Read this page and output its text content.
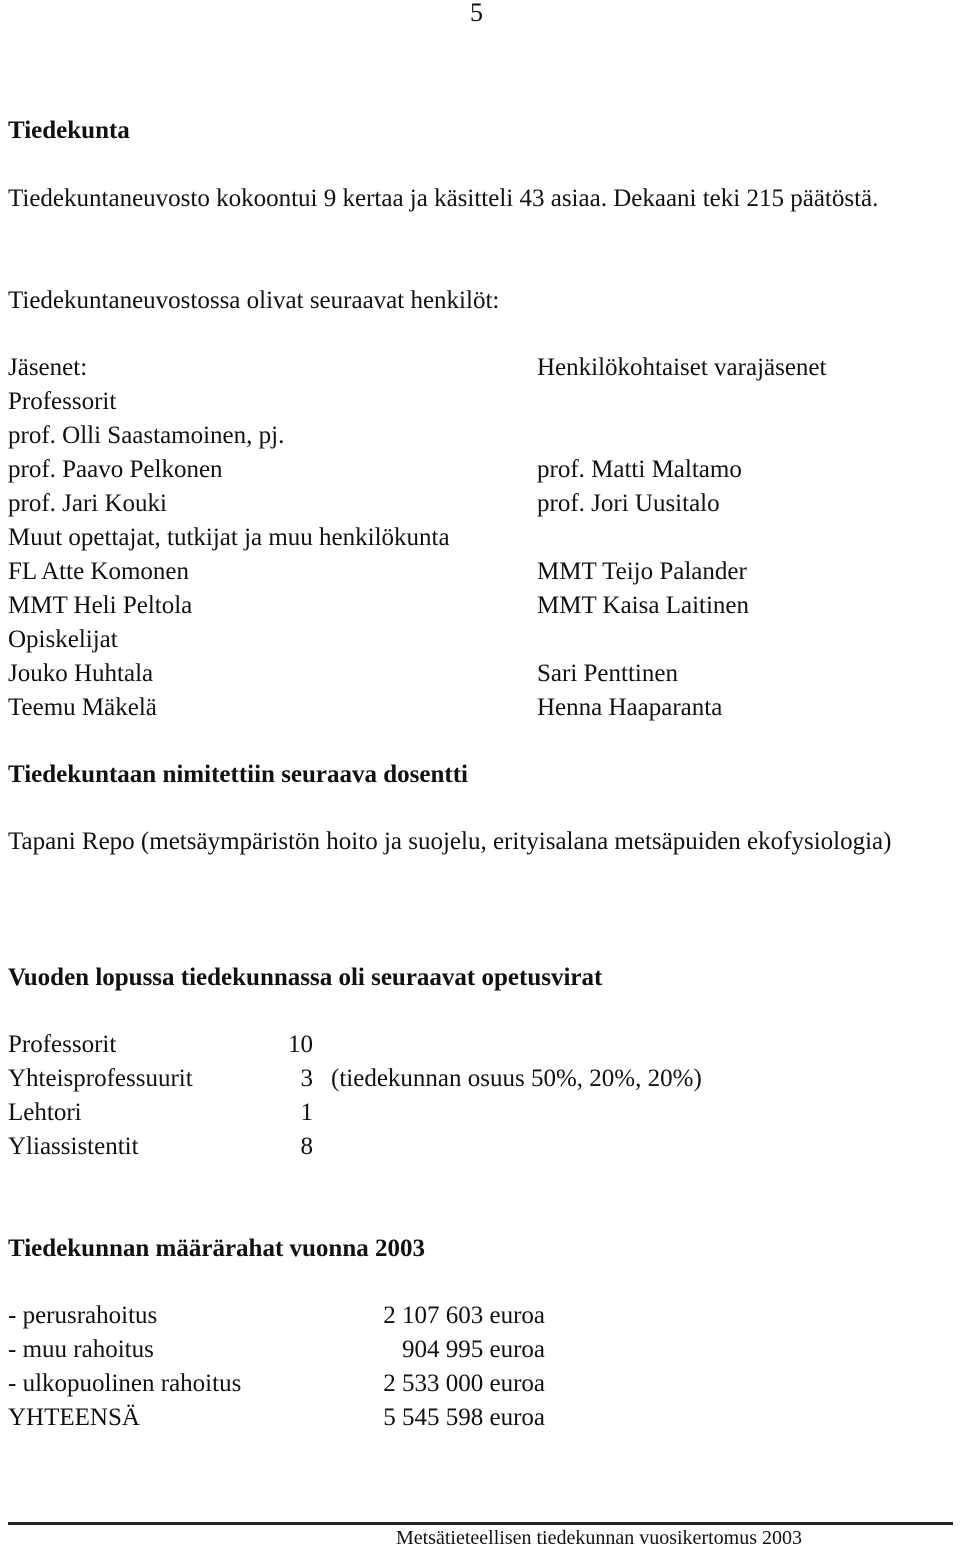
5
Tiedekunta
Tiedekuntaneuvosto kokoontui 9 kertaa ja käsitteli 43 asiaa. Dekaani teki 215 päätöstä.
Tiedekuntaneuvostossa olivat seuraavat henkilöt:
Jäsenet:	Henkilökohtaiset varajäsenet
Professorit
prof. Olli Saastamoinen, pj.
prof. Paavo Pelkonen	prof. Matti Maltamo
prof. Jari Kouki	prof. Jori Uusitalo
Muut opettajat, tutkijat ja muu henkilökunta
FL Atte Komonen	MMT Teijo Palander
MMT Heli Peltola	MMT Kaisa Laitinen
Opiskelijat
Jouko Huhtala	Sari Penttinen
Teemu Mäkelä	Henna Haaparanta
Tiedekuntaan nimitettiin seuraava dosentti
Tapani Repo (metsäympäristön hoito ja suojelu, erityisalana metsäpuiden ekofysiologia)
Vuoden lopussa tiedekunnassa oli seuraavat opetusvirat
Professorit	10
Yhteisprofessuurit	3 (tiedekunnan osuus 50%, 20%, 20%)
Lehtori	1
Yliassistentit	8
Tiedekunnan määrärahat vuonna 2003
- perusrahoitus	2 107 603 euroa
- muu rahoitus	904 995 euroa
- ulkopuolinen rahoitus	2 533 000 euroa
YHTEENSÄ	5 545 598 euroa
Metsätieteellisen tiedekunnan vuosikertomus 2003
